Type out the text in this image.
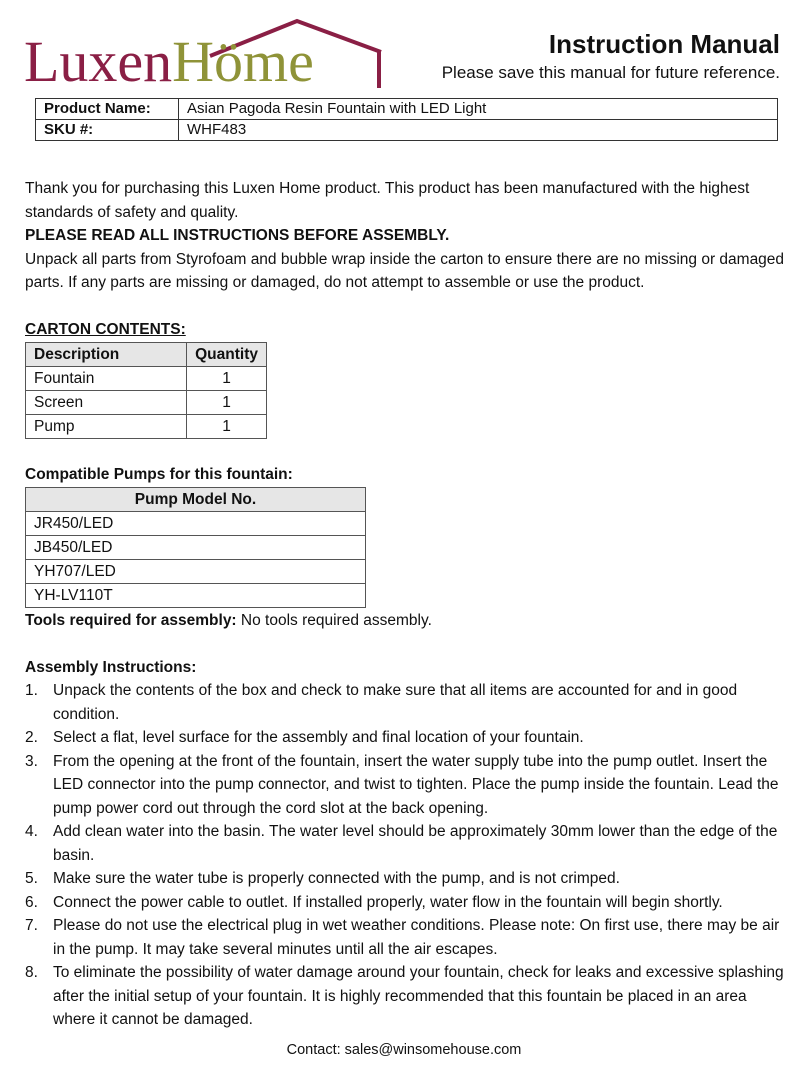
LuxenHöme	Instruction Manual
Please save this manual for future reference.
Product Name:	Asian Pagoda Resin Fountain with LED Light
SKU #:	WHF483
Thank you for purchasing this Luxen Home product. This product has been manufactured with the highest standards of safety and quality.
PLEASE READ ALL INSTRUCTIONS BEFORE ASSEMBLY.
Unpack all parts from Styrofoam and bubble wrap inside the carton to ensure there are no missing or damaged parts. If any parts are missing or damaged, do not attempt to assemble or use the product.
CARTON CONTENTS:
Description	Quantity
Fountain	1
Screen	1
Pump	1
Compatible Pumps for this fountain:
Pump Model No.
JR450/LED
JB450/LED
YH707/LED
YH-LV110T
Tools required for assembly: No tools required assembly.
Assembly Instructions:
1. Unpack the contents of the box and check to make sure that all items are accounted for and in good condition.
2. Select a flat, level surface for the assembly and final location of your fountain.
3. From the opening at the front of the fountain, insert the water supply tube into the pump outlet. Insert the LED connector into the pump connector, and twist to tighten. Place the pump inside the fountain. Lead the pump power cord out through the cord slot at the back opening.
4. Add clean water into the basin. The water level should be approximately 30mm lower than the edge of the basin.
5. Make sure the water tube is properly connected with the pump, and is not crimped.
6. Connect the power cable to outlet. If installed properly, water flow in the fountain will begin shortly.
7. Please do not use the electrical plug in wet weather conditions. Please note: On first use, there may be air in the pump. It may take several minutes until all the air escapes.
8. To eliminate the possibility of water damage around your fountain, check for leaks and excessive splashing after the initial setup of your fountain. It is highly recommended that this fountain be placed in an area where it cannot be damaged.
Contact: sales@winsomehouse.com
